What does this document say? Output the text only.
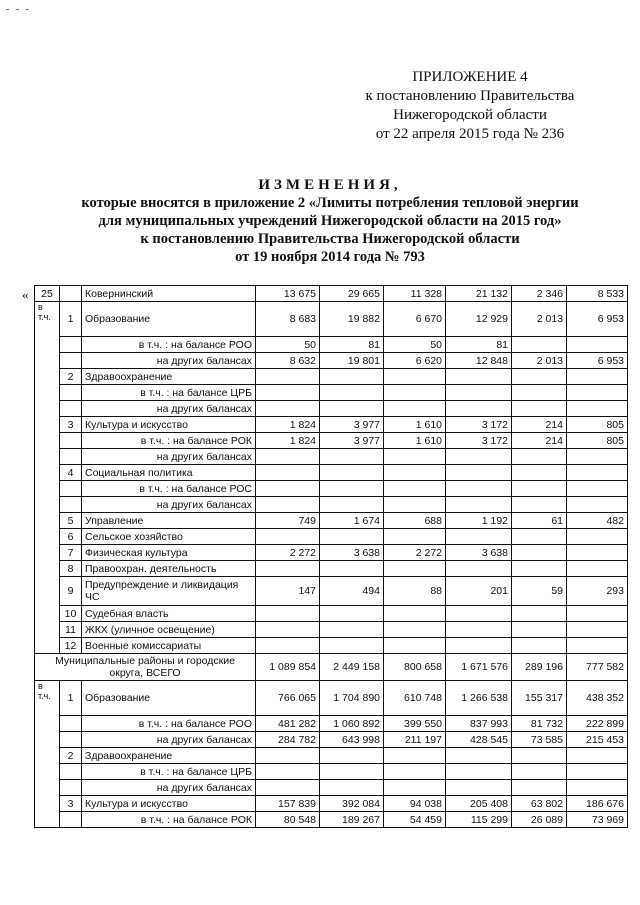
- - -
ПРИЛОЖЕНИЕ 4
к постановлению Правительства
Нижегородской области
от 22 апреля 2015 года № 236
ИЗМЕНЕНИЯ,
которые вносятся в приложение 2 «Лимиты потребления тепловой энергии
для муниципальных учреждений Нижегородской области на 2015 год»
к постановлению Правительства Нижегородской области
от 19 ноября 2014 года № 793
« 25		Ковернинский	13 675	29 665	11 328	21 132	2 346	8 533
в т.ч.	1	Образование	8 683	19 882	6 670	12 929	2 013	6 953
		в т.ч. : на балансе РОО	50	81	50	81		
		на других балансах	8 632	19 801	6 620	12 848	2 013	6 953
	2	Здравоохранение						
		в т.ч. : на балансе ЦРБ						
		на других балансах						
	3	Культура и искусство	1 824	3 977	1 610	3 172	214	805
		в т.ч. : на балансе РОК	1 824	3 977	1 610	3 172	214	805
		на других балансах						
	4	Социальная политика						
		в т.ч. : на балансе РОС						
		на других балансах						
	5	Управление	749	1 674	688	1 192	61	482
	6	Сельское хозяйство						
	7	Физическая культура	2 272	3 638	2 272	3 638		
	8	Правоохран. деятельность						
	9	Предупреждение и ликвидация ЧС	147	494	88	201	59	293
	10	Судебная власть						
	11	ЖКХ (уличное освещение)						
	12	Военные комиссариаты						
Муниципальные районы и городские округа, ВСЕГО			1 089 854	2 449 158	800 658	1 671 576	289 196	777 582
в т.ч.	1	Образование	766 065	1 704 890	610 748	1 266 538	155 317	438 352
		в т.ч. : на балансе РОО	481 282	1 060 892	399 550	837 993	81 732	222 899
		на других балансах	284 782	643 998	211 197	428 545	73 585	215 453
	2	Здравоохранение						
		в т.ч. : на балансе ЦРБ						
		на других балансах						
	3	Культура и искусство	157 839	392 084	94 038	205 408	63 802	186 676
		в т.ч. : на балансе РОК	80 548	189 267	54 459	115 299	26 089	73 969
